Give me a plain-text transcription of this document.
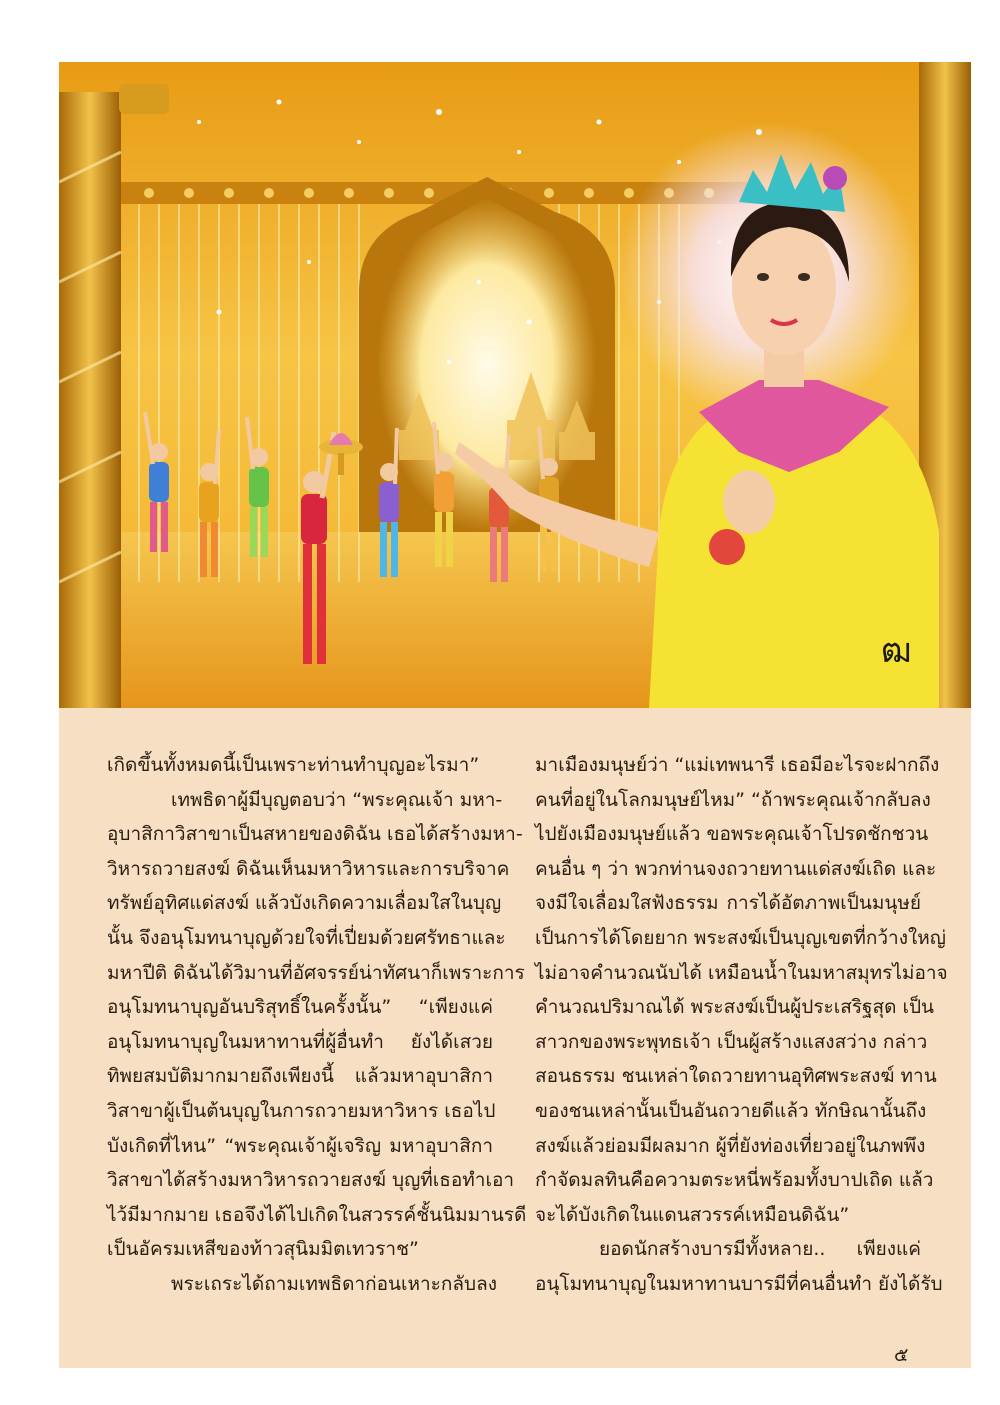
ฒ
เกิดขึ้นทั้งหมดนี้เป็นเพราะท่านทำบุญอะไรมา”
เทพธิดาผู้มีบุญตอบว่า “พระคุณเจ้า มหา-
อุบาสิกาวิสาขาเป็นสหายของดิฉัน เธอได้สร้างมหา-
วิหารถวายสงฆ์ ดิฉันเห็นมหาวิหารและการบริจาค
ทรัพย์อุทิศแด่สงฆ์ แล้วบังเกิดความเลื่อมใสในบุญ
นั้น จึงอนุโมทนาบุญด้วยใจที่เปี่ยมด้วยศรัทธาและ
มหาปีติ ดิฉันได้วิมานที่อัศจรรย์น่าทัศนาก็เพราะการ
อนุโมทนาบุญอันบริสุทธิ์ในครั้งนั้น” “เพียงแค่
อนุโมทนาบุญในมหาทานที่ผู้อื่นทำ ยังได้เสวย
ทิพยสมบัติมากมายถึงเพียงนี้ แล้วมหาอุบาสิกา
วิสาขาผู้เป็นต้นบุญในการถวายมหาวิหาร เธอไป
บังเกิดที่ไหน” “พระคุณเจ้าผู้เจริญ มหาอุบาสิกา
วิสาขาได้สร้างมหาวิหารถวายสงฆ์ บุญที่เธอทำเอา
ไว้มีมากมาย เธอจึงได้ไปเกิดในสวรรค์ชั้นนิมมานรดี
เป็นอัครมเหสีของท้าวสุนิมมิตเทวราช”
พระเถระได้ถามเทพธิดาก่อนเหาะกลับลง
มาเมืองมนุษย์ว่า “แม่เทพนารี เธอมีอะไรจะฝากถึง
คนที่อยู่ในโลกมนุษย์ไหม” “ถ้าพระคุณเจ้ากลับลง
ไปยังเมืองมนุษย์แล้ว ขอพระคุณเจ้าโปรดชักชวน
คนอื่น ๆ ว่า พวกท่านจงถวายทานแด่สงฆ์เถิด และ
จงมีใจเลื่อมใสฟังธรรม การได้อัตภาพเป็นมนุษย์
เป็นการได้โดยยาก พระสงฆ์เป็นบุญเขตที่กว้างใหญ่
ไม่อาจคำนวณนับได้ เหมือนน้ำในมหาสมุทรไม่อาจ
คำนวณปริมาณได้ พระสงฆ์เป็นผู้ประเสริฐสุด เป็น
สาวกของพระพุทธเจ้า เป็นผู้สร้างแสงสว่าง กล่าว
สอนธรรม ชนเหล่าใดถวายทานอุทิศพระสงฆ์ ทาน
ของชนเหล่านั้นเป็นอันถวายดีแล้ว ทักษิณานั้นถึง
สงฆ์แล้วย่อมมีผลมาก ผู้ที่ยังท่องเที่ยวอยู่ในภพพึง
กำจัดมลทินคือความตระหนี่พร้อมทั้งบาปเถิด แล้ว
จะได้บังเกิดในแดนสวรรค์เหมือนดิฉัน”
ยอดนักสร้างบารมีทั้งหลาย.. เพียงแค่
อนุโมทนาบุญในมหาทานบารมีที่คนอื่นทำ ยังได้รับ
๕
